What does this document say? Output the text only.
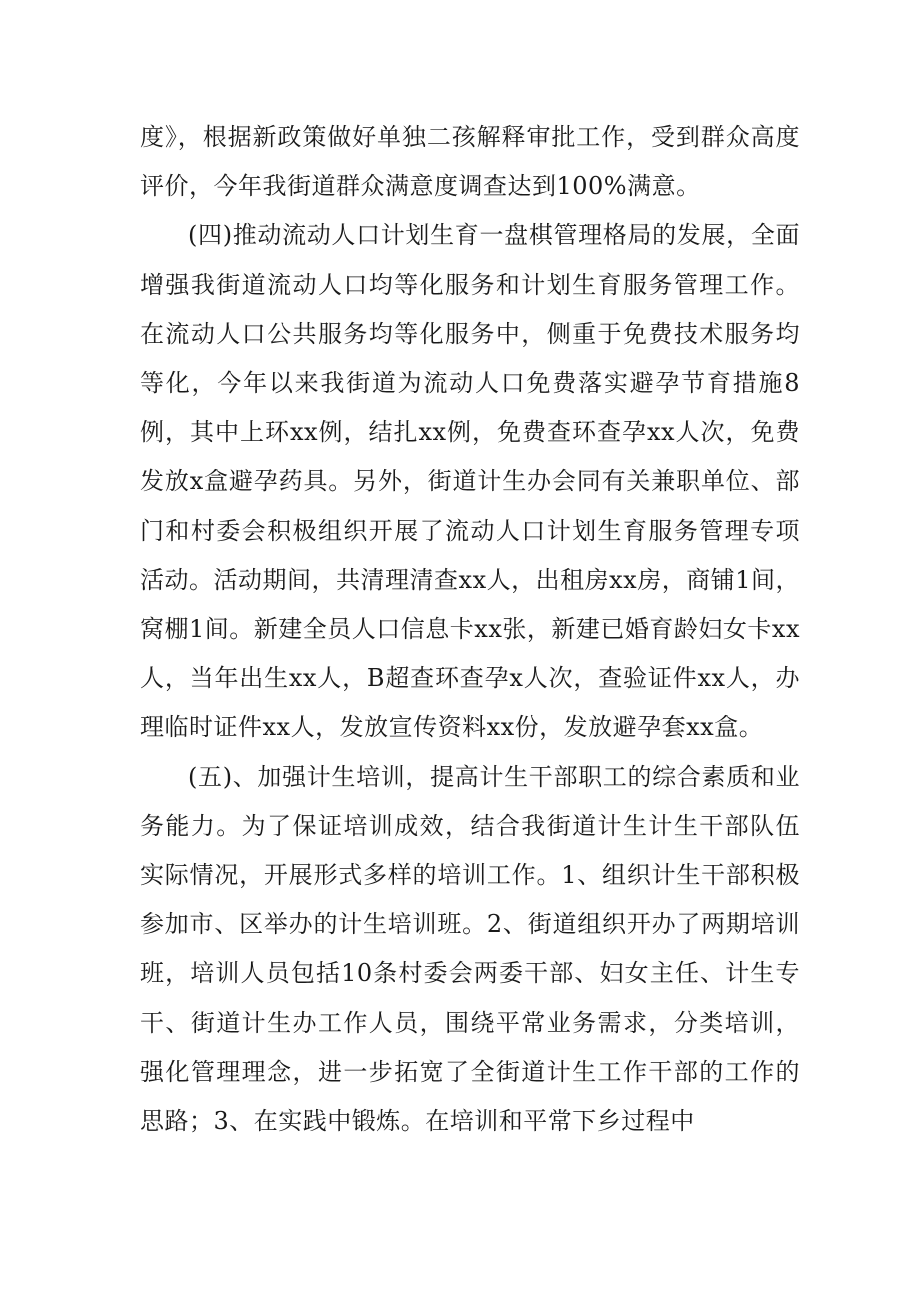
度》，根据新政策做好单独二孩解释审批工作，受到群众高度评价，今年我街道群众满意度调查达到100%满意。

(四)推动流动人口计划生育一盘棋管理格局的发展，全面增强我街道流动人口均等化服务和计划生育服务管理工作。在流动人口公共服务均等化服务中，侧重于免费技术服务均等化，今年以来我街道为流动人口免费落实避孕节育措施8例，其中上环xx例，结扎xx例，免费查环查孕xx人次，免费发放x盒避孕药具。另外，街道计生办会同有关兼职单位、部门和村委会积极组织开展了流动人口计划生育服务管理专项活动。活动期间，共清理清查xx人，出租房xx房，商铺1间，窝棚1间。新建全员人口信息卡xx张，新建已婚育龄妇女卡xx人，当年出生xx人，B超查环查孕x人次，查验证件xx人，办理临时证件xx人，发放宣传资料xx份，发放避孕套xx盒。

(五)、加强计生培训，提高计生干部职工的综合素质和业务能力。为了保证培训成效，结合我街道计生计生干部队伍实际情况，开展形式多样的培训工作。1、组织计生干部积极参加市、区举办的计生培训班。2、街道组织开办了两期培训班，培训人员包括10条村委会两委干部、妇女主任、计生专干、街道计生办工作人员，围绕平常业务需求，分类培训，强化管理理念，进一步拓宽了全街道计生工作干部的工作的思路；3、在实践中锻炼。在培训和平常下乡过程中
